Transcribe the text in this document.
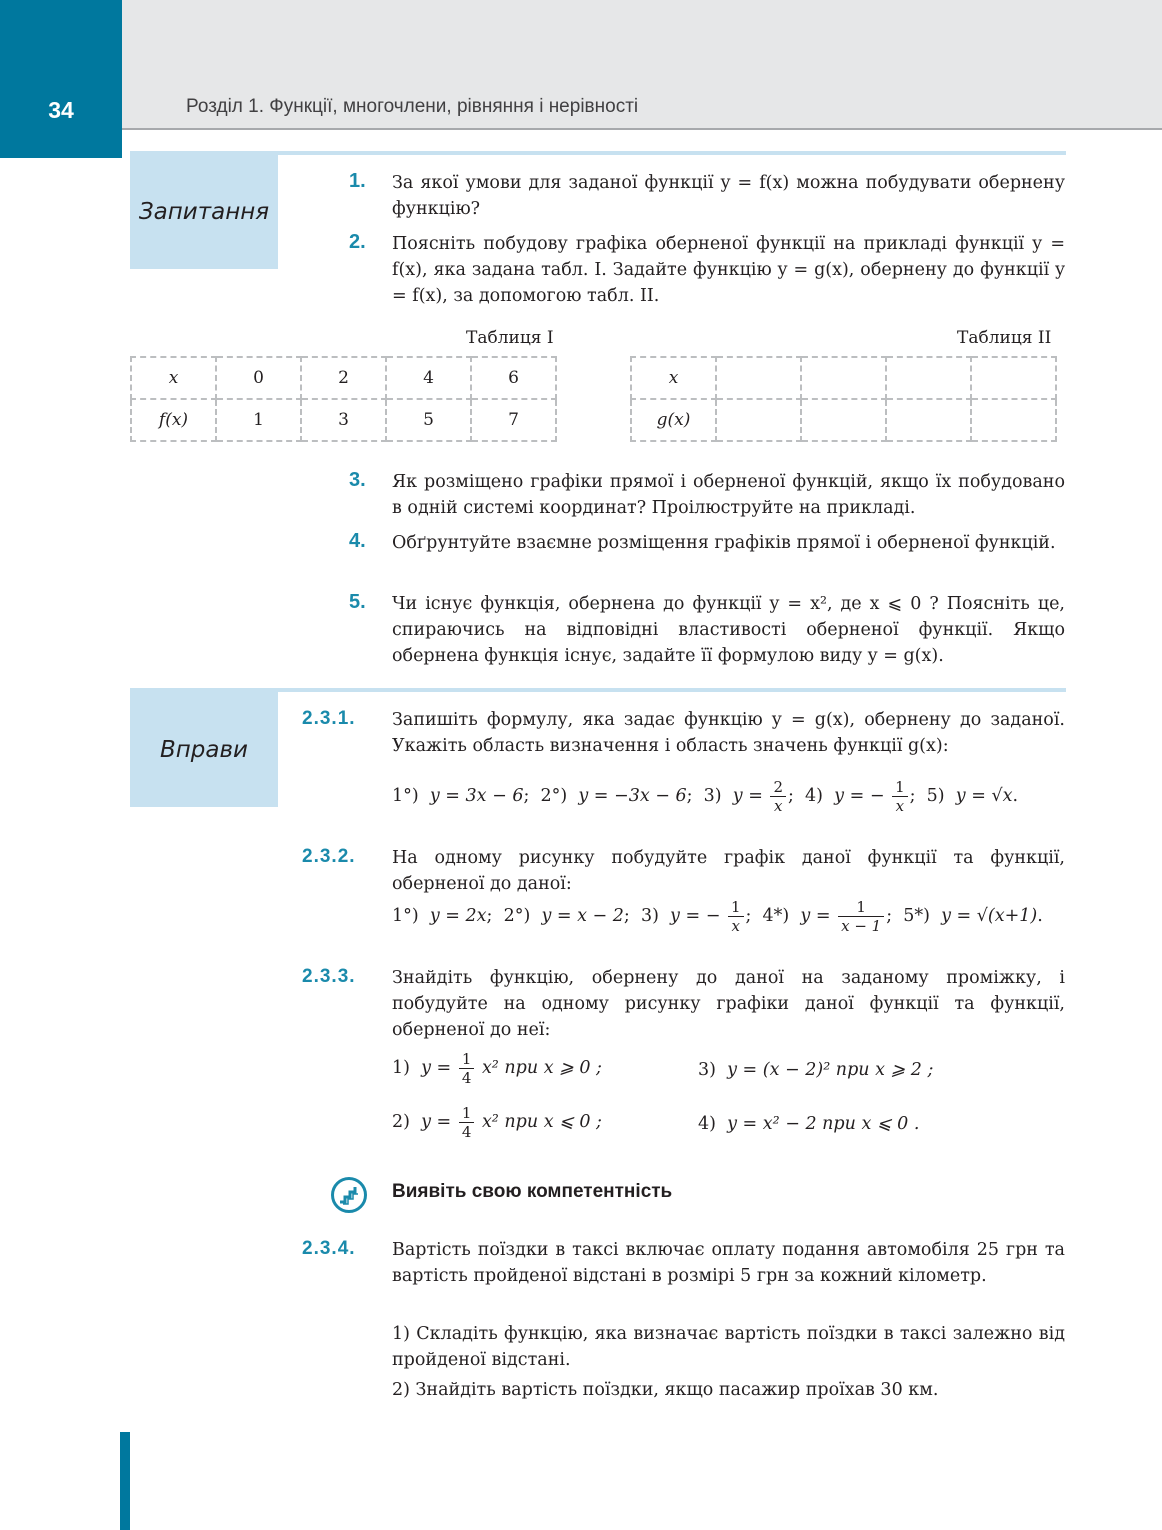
34	Розділ 1. Функції, многочлени, рівняння і нерівності
Запитання
1. За якої умови для заданої функції y = f(x) можна побудувати обернену функцію?
2. Поясніть побудову графіка оберненої функції на прикладі функції y = f(x), яка задана табл. І. Задайте функцію y = g(x), обернену до функції y = f(x), за допомогою табл. ІІ.
Таблиця І	Таблиця ІІ
x	0	2	4	6
f(x)	1	3	5	7
x				
g(x)				
3. Як розміщено графіки прямої і оберненої функцій, якщо їх побудовано в одній системі координат? Проілюструйте на прикладі.
4. Обґрунтуйте взаємне розміщення графіків прямої і оберненої функцій.
5. Чи існує функція, обернена до функції y = x², де x ⩽ 0 ? Поясніть це, спираючись на відповідні властивості оберненої функції. Якщо обернена функція існує, задайте її формулою виду y = g(x).
Вправи
2.3.1. Запишіть формулу, яка задає функцію y = g(x), обернену до заданої. Укажіть область визначення і область значень функції g(x):
1°) y = 3x − 6;  2°) y = −3x − 6;  3) $y = \frac{2}{x}$ ;  4) y = − $\frac{1}{x}$ ;  5) y = √x.
2.3.2. На одному рисунку побудуйте графік даної функції та функції, оберненої до даної:
1°) y = 2x;  2°) y = x − 2;  3) y = − $\frac{1}{x}$ ;  4*) $y = \frac{1}{x - 1}$ ;  5*) y = √(x+1).
2.3.3. Знайдіть функцію, обернену до даної на заданому проміжку, і побудуйте на одному рисунку графіки даної функції та функції, оберненої до неї:
1) $y = \frac{1}{4} x^2$ при x ⩾ 0 ;	3) y = (x − 2)² при x ⩾ 2 ;
2) $y = \frac{1}{4} x^2$ при x ⩽ 0 ;	4) y = x² − 2 при x ⩽ 0 .
Виявіть свою компетентність
2.3.4. Вартість поїздки в таксі включає оплату подання автомобіля 25 грн та вартість пройденої відстані в розмірі 5 грн за кожний кілометр.
1) Складіть функцію, яка визначає вартість поїздки в таксі залежно від пройденої відстані.
2) Знайдіть вартість поїздки, якщо пасажир проїхав 30 км.
